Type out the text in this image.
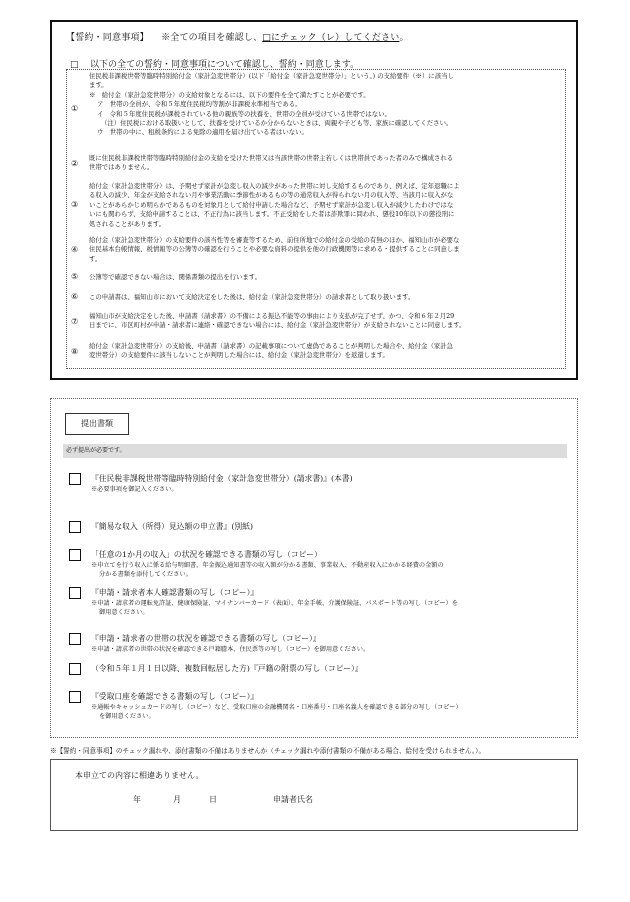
【誓約・同意事項】 ※全ての項目を確認し、□にチェック（レ）してください。
□ 以下の全ての誓約・同意事項について確認し、誓約・同意します。
①

住民税非課税世帯等臨時特別給付金（家計急変世帯分）(以下「給付金（家計急変世帯分）」という。) の支給要件（※）に該当し

ます。

※　給付金（家計急変世帯分）の支給対象となるには、以下の要件を全て満たすことが必要です。

ア　世帯の全員が、令和５年度住民税均等割が非課税水準相当である。

イ　令和５年度住民税が課税されている他の親族等の扶養を、世帯の全員が受けている世帯ではない。

（注）住民税における取扱いとして、扶養を受けているか分からないときは、両親や子ども等、家族に確認してください。

ウ　世帯の中に、租税条約による免除の適用を届け出ている者はいない。

②

既に住民税非課税世帯等臨時特別給付金の支給を受けた世帯又は当該世帯の世帯主若しくは世帯員であった者のみで構成される

世帯ではありません。

③

給付金（家計急変世帯分）は、予期せず家計が急変し収入の減少があった世帯に対し支給するものであり、例えば、定年退職によ

る収入の減少、年金が支給されない月や事業活動に季節性があるもの等の通常収入が得られない月の収入等、当該月に収入がな

いことがあらかじめ明らかであるものを対象月として給付申請した場合など、予期せず家計が急変し収入が減少したわけではな

いにも関わらず、支給申請することは、不正行為に該当します。不正受給をした者は詐欺罪に問われ、懲役10年以下の懲役刑に

処されることがあります。

④

給付金（家計急変世帯分）の支給要件の該当性等を審査等するため、前住所地での給付金の受給の有無のほか、福知山市が必要な

住民基本台帳情報、税情報等の公簿等の確認を行うことや必要な資料の提供を他の行政機関等に求める・提供することに同意しま

す。

⑤ 公簿等で確認できない場合は、関係書類の提出を行います。

⑥ この申請書は、福知山市において支給決定をした後は、給付金（家計急変世帯分）の請求書として取り扱います。

⑦

福知山市が支給決定をした後、申請書（請求書）の不備による振込不能等の事由により支払が完了せず、かつ、令和６年２月29

日までに、市区町村が申請・請求者に連絡・確認できない場合には、給付金（家計急変世帯分）が支給されないことに同意します。

⑧

給付金（家計急変世帯分）の支給後、申請書（請求書）の記載事項について虚偽であることが判明した場合や、給付金（家計急

変世帯分）の支給要件に該当しないことが判明した場合には、給付金（家計急変世帯分）を返還します。

提出書類
必ず提出が必要です。
『住民税非課税世帯等臨時特別給付金（家計急変世帯分）(請求書)』(本書)
※必要事項を御記入ください。
『簡易な収入（所得）見込額の申立書』(別紙)
「任意の1か月の収入」の状況を確認できる書類の写し（コピー）
※申立てを行う収入に係る給与明細書、年金振込通知書等の収入額が分かる書類、事業収入、不動産収入にかかる経費の金額の
分かる書類を添付してください。
『申請・請求者本人確認書類の写し（コピー）』
※申請・請求者の運転免許証、健康保険証、マイナンバーカード（表面）、年金手帳、介護保険証、パスポート等の写し（コピー）を
御用意ください。
『申請・請求者の世帯の状況を確認できる書類の写し（コピー）』
※申請・請求者の世帯の状況を確認できる戸籍謄本、住民票等の写し（コピー）を御用意ください。
（令和５年１月１日以降、複数回転居した方)『戸籍の附票の写し（コピー）』
『受取口座を確認できる書類の写し（コピー）』
※通帳やキャッシュカードの写し（コピー）など、受取口座の金融機関名・口座番号・口座名義人を確認できる部分の写し（コピー）
を御用意ください。
※【誓約・同意事項】のチェック漏れや、添付書類の不備はありませんか（チェック漏れや添付書類の不備がある場合、給付を受けられません。）。
本申立ての内容に相違ありません。
年	月	日	申請者氏名
